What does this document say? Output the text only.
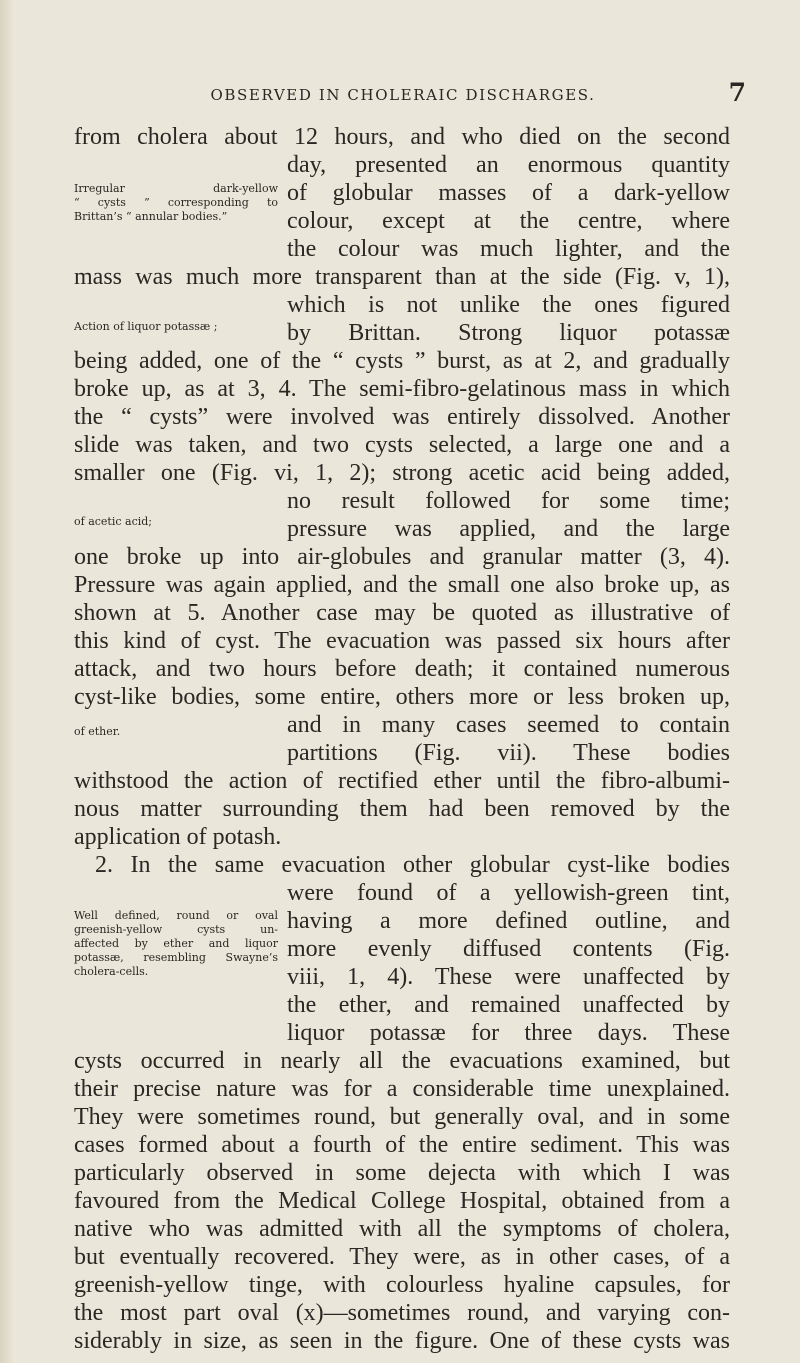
OBSERVED IN CHOLERAIC DISCHARGES.	7
from cholera about 12 hours, and who died on the second
day, presented an enormous quantity
of globular masses of a dark-yellow
colour, except at the centre, where
the colour was much lighter, and the
mass was much more transparent than at the side (Fig. v, 1),
which is not unlike the ones figured
by Brittan. Strong liquor potassæ
being added, one of the “ cysts ” burst, as at 2, and gradually
broke up, as at 3, 4. The semi-fibro-gelatinous mass in which
the “ cysts” were involved was entirely dissolved. Another
slide was taken, and two cysts selected, a large one and a
smaller one (Fig. vi, 1, 2); strong acetic acid being added,
no result followed for some time;
pressure was applied, and the large
one broke up into air-globules and granular matter (3, 4).
Pressure was again applied, and the small one also broke up, as
shown at 5. Another case may be quoted as illustrative of
this kind of cyst. The evacuation was passed six hours after
attack, and two hours before death; it contained numerous
cyst-like bodies, some entire, others more or less broken up,
and in many cases seemed to contain
partitions (Fig. vii). These bodies
withstood the action of rectified ether until the fibro-albumi-
nous matter surrounding them had been removed by the
application of potash.
2. In the same evacuation other globular cyst-like bodies
were found of a yellowish-green tint,
having a more defined outline, and
more evenly diffused contents (Fig.
viii, 1, 4). These were unaffected by
the ether, and remained unaffected by
liquor potassæ for three days. These
cysts occurred in nearly all the evacuations examined, but
their precise nature was for a considerable time unexplained.
They were sometimes round, but generally oval, and in some
cases formed about a fourth of the entire sediment. This was
particularly observed in some dejecta with which I was
favoured from the Medical College Hospital, obtained from a
native who was admitted with all the symptoms of cholera,
but eventually recovered. They were, as in other cases, of a
greenish-yellow tinge, with colourless hyaline capsules, for
the most part oval (x)—sometimes round, and varying con-
siderably in size, as seen in the figure. One of these cysts was
Irregular dark-yellow
“ cysts ” corresponding to
Brittan’s “ annular bodies.”
Action of liquor potassæ ;
of acetic acid;
of ether.
Well defined, round or oval
greenish-yellow cysts un-
affected by ether and liquor
potassæ, resembling Swayne’s
cholera-cells.
